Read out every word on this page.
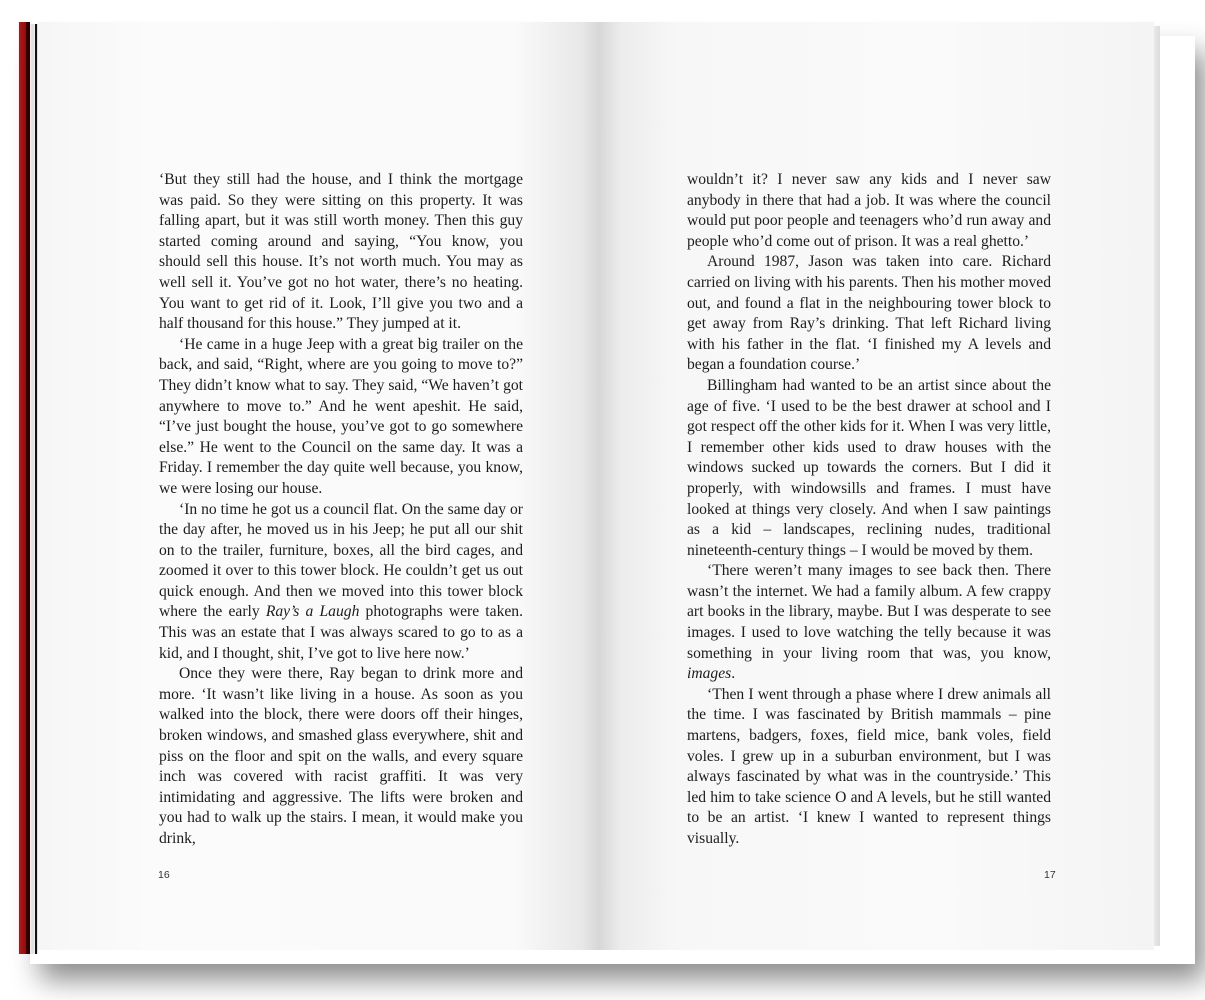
‘But they still had the house, and I think the mortgage was paid. So they were sitting on this property. It was falling apart, but it was still worth money. Then this guy started coming around and saying, “You know, you should sell this house. It’s not worth much. You may as well sell it. You’ve got no hot water, there’s no heating. You want to get rid of it. Look, I’ll give you two and a half thousand for this house.” They jumped at it.

‘He came in a huge Jeep with a great big trailer on the back, and said, “Right, where are you going to move to?” They didn’t know what to say. They said, “We haven’t got anywhere to move to.” And he went apeshit. He said, “I’ve just bought the house, you’ve got to go somewhere else.” He went to the Council on the same day. It was a Friday. I remember the day quite well because, you know, we were losing our house.

‘In no time he got us a council flat. On the same day or the day after, he moved us in his Jeep; he put all our shit on to the trailer, furniture, boxes, all the bird cages, and zoomed it over to this tower block. He couldn’t get us out quick enough. And then we moved into this tower block where the early Ray’s a Laugh photographs were taken. This was an estate that I was always scared to go to as a kid, and I thought, shit, I’ve got to live here now.’

Once they were there, Ray began to drink more and more. ‘It wasn’t like living in a house. As soon as you walked into the block, there were doors off their hinges, broken windows, and smashed glass everywhere, shit and piss on the floor and spit on the walls, and every square inch was covered with racist graffiti. It was very intimidating and aggressive. The lifts were broken and you had to walk up the stairs. I mean, it would make you drink,

16

wouldn’t it? I never saw any kids and I never saw anybody in there that had a job. It was where the council would put poor people and teenagers who’d run away and people who’d come out of prison. It was a real ghetto.’

Around 1987, Jason was taken into care. Richard carried on living with his parents. Then his mother moved out, and found a flat in the neighbouring tower block to get away from Ray’s drinking. That left Richard living with his father in the flat. ‘I finished my A levels and began a foundation course.’

Billingham had wanted to be an artist since about the age of five. ‘I used to be the best drawer at school and I got respect off the other kids for it. When I was very little, I remember other kids used to draw houses with the windows sucked up towards the corners. But I did it properly, with windowsills and frames. I must have looked at things very closely. And when I saw paintings as a kid – landscapes, reclining nudes, traditional nineteenth-century things – I would be moved by them.

‘There weren’t many images to see back then. There wasn’t the internet. We had a family album. A few crappy art books in the library, maybe. But I was desperate to see images. I used to love watching the telly because it was something in your living room that was, you know, images.

‘Then I went through a phase where I drew animals all the time. I was fascinated by British mammals – pine martens, badgers, foxes, field mice, bank voles, field voles. I grew up in a suburban environment, but I was always fascinated by what was in the countryside.’ This led him to take science O and A levels, but he still wanted to be an artist. ‘I knew I wanted to represent things visually.

17
